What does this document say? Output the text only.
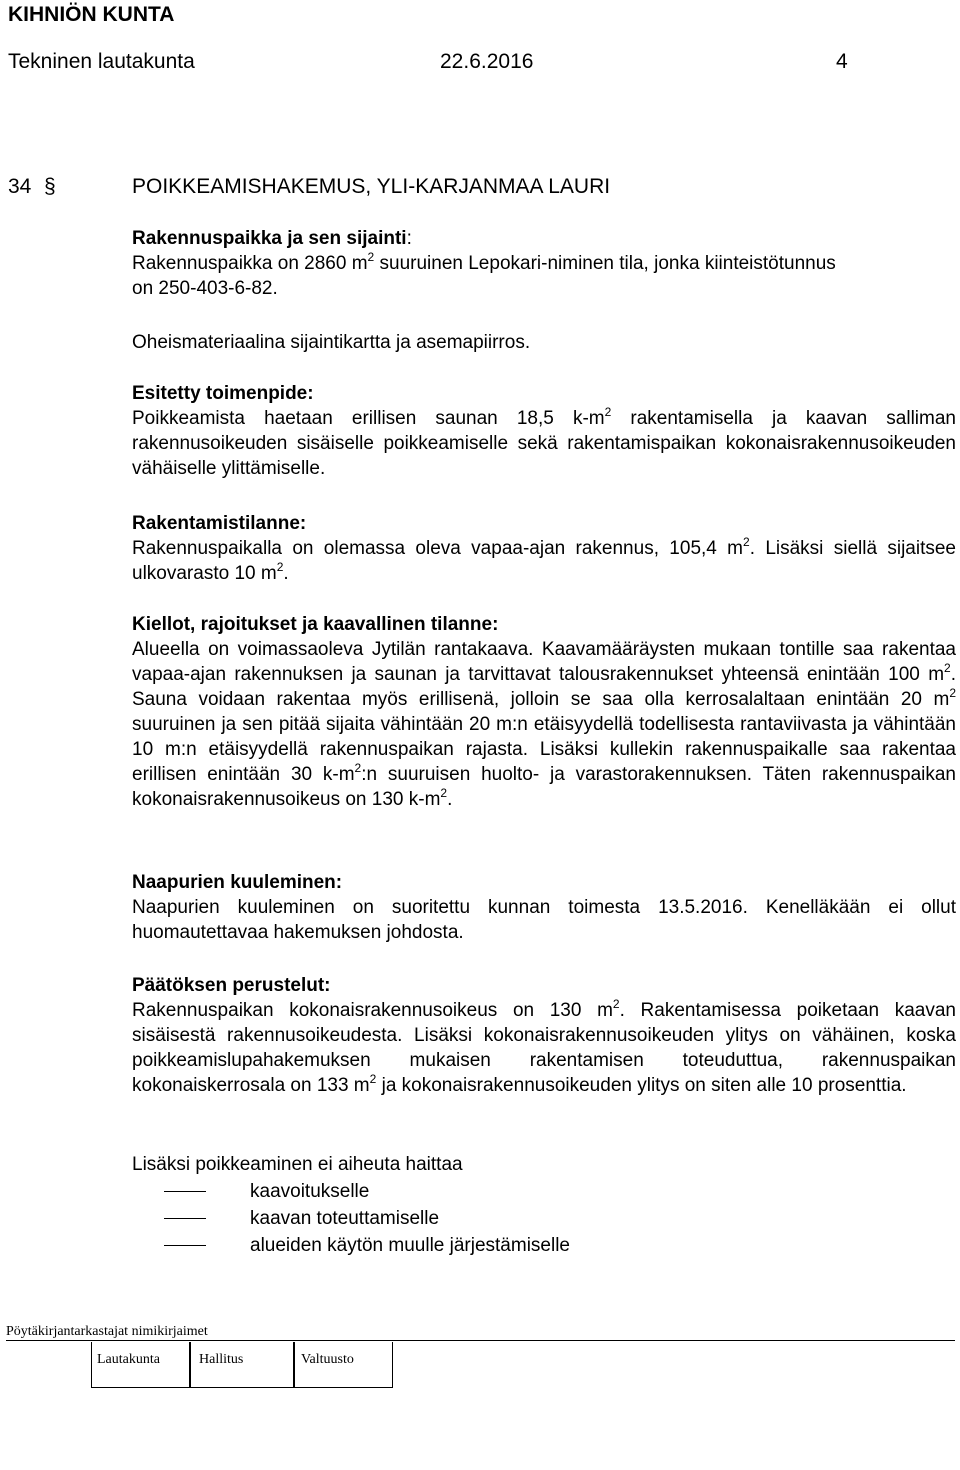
KIHNIÖN KUNTA
Tekninen lautakunta	22.6.2016	4
34 §	POIKKEAMISHAKEMUS, YLI-KARJANMAA LAURI
Rakennuspaikka ja sen sijainti:
Rakennuspaikka on 2860 $m^2$ suuruinen Lepokari-niminen tila, jonka kiinteistötunnus
on 250-403-6-82.
Oheismateriaalina sijaintikartta ja asemapiirros.
Esitetty toimenpide:
Poikkeamista haetaan erillisen saunan 18,5 $k-m^2$ rakentamisella ja kaavan salliman rakennusoikeuden sisäiselle poikkeamiselle sekä rakentamispaikan kokonaisrakennusoikeuden vähäiselle ylittämiselle.
Rakentamistilanne:
Rakennuspaikalla on olemassa oleva vapaa-ajan rakennus, 105,4 $m^2$. Lisäksi siellä sijaitsee ulkovarasto 10 $m^2$.
Kiellot, rajoitukset ja kaavallinen tilanne:
Alueella on voimassaoleva Jytilän rantakaava. Kaavamääräysten mukaan tontille saa rakentaa vapaa-ajan rakennuksen ja saunan ja tarvittavat talousrakennukset yhteensä enintään 100 $m^2$. Sauna voidaan rakentaa myös erillisenä, jolloin se saa olla kerrosalaltaan enintään 20 $m^2$ suuruinen ja sen pitää sijaita vähintään 20 m:n etäisyydellä todellisesta rantaviivasta ja vähintään 10 m:n etäisyydellä rakennuspaikan rajasta. Lisäksi kullekin rakennuspaikalle saa rakentaa erillisen enintään 30 $k-m^2:n$ suuruisen huolto- ja varastorakennuksen. Täten rakennuspaikan kokonaisrakennusoikeus on 130 $k-m^2$.
Naapurien kuuleminen:
Naapurien kuuleminen on suoritettu kunnan toimesta 13.5.2016. Kenelläkään ei ollut huomautettavaa hakemuksen johdosta.
Päätöksen perustelut:
Rakennuspaikan kokonaisrakennusoikeus on 130 $m^2$. Rakentamisessa poiketaan kaavan sisäisestä rakennusoikeudesta. Lisäksi kokonaisrakennusoikeuden ylitys on vähäinen, koska poikkeamislupahakemuksen mukaisen rakentamisen toteuduttua, rakennuspaikan kokonaiskerrosala on 133 $m^2$ ja kokonaisrakennusoikeuden ylitys on siten alle 10 prosenttia.
Lisäksi poikkeaminen ei aiheuta haittaa
kaavoitukselle
kaavan toteuttamiselle
alueiden käytön muulle järjestämiselle
Pöytäkirjantarkastajat nimikirjaimet
Lautakunta	Hallitus	Valtuusto
